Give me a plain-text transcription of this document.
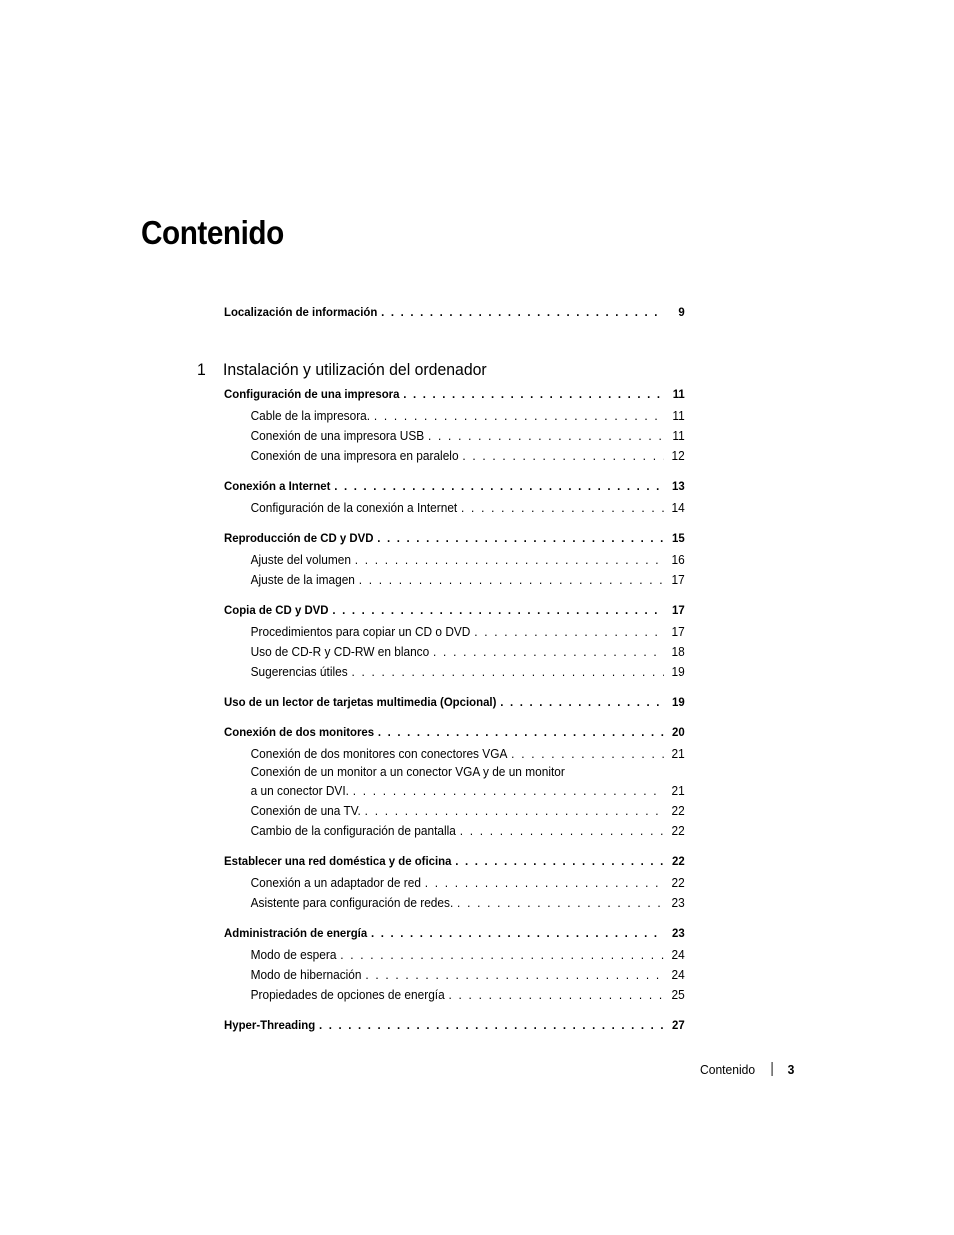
Contenido
Localización de información . . .	9
1 Instalación y utilización del ordenador
Configuración de una impresora . . .	11
Cable de la impresora. . . .	11
Conexión de una impresora USB . . .	11
Conexión de una impresora en paralelo . . .	12
Conexión a Internet . . .	13
Configuración de la conexión a Internet . . .	14
Reproducción de CD y DVD . . .	15
Ajuste del volumen . . .	16
Ajuste de la imagen . . .	17
Copia de CD y DVD . . .	17
Procedimientos para copiar un CD o DVD . . .	17
Uso de CD-R y CD-RW en blanco . . .	18
Sugerencias útiles . . .	19
Uso de un lector de tarjetas multimedia (Opcional) . . .	19
Conexión de dos monitores . . .	20
Conexión de dos monitores con conectores VGA . . .	21
Conexión de un monitor a un conector VGA y de un monitor
a un conector DVI. . . .	21
Conexión de una TV. . . .	22
Cambio de la configuración de pantalla . . .	22
Establecer una red doméstica y de oficina . . .	22
Conexión a un adaptador de red . . .	22
Asistente para configuración de redes. . . .	23
Administración de energía . . .	23
Modo de espera . . .	24
Modo de hibernación . . .	24
Propiedades de opciones de energía . . .	25
Hyper-Threading . . .	27
Contenido	3
